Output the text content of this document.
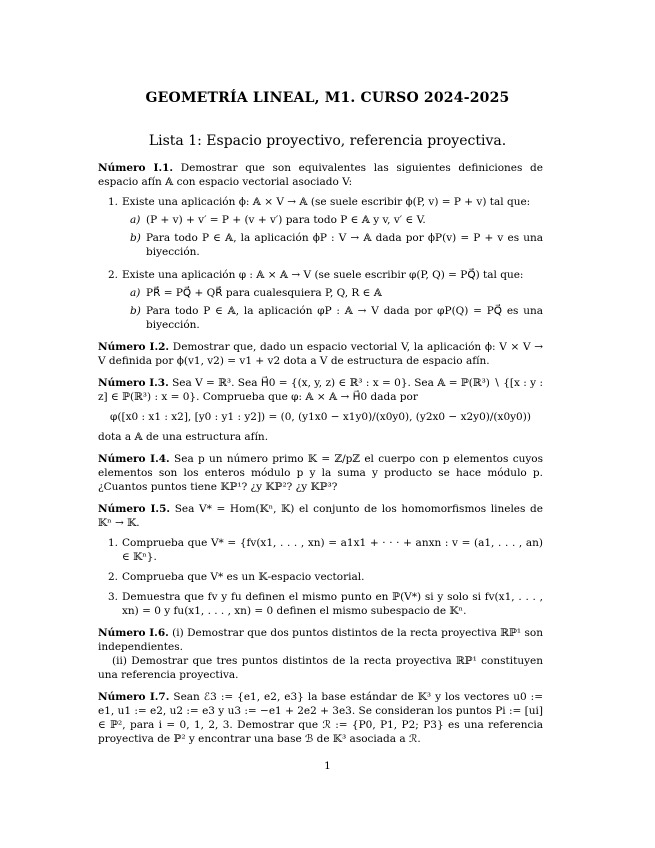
GEOMETRÍA LINEAL, M1. CURSO 2024-2025
Lista 1: Espacio proyectivo, referencia proyectiva.
Número I.1. Demostrar que son equivalentes las siguientes definiciones de espacio afín 𝔸 con espacio vectorial asociado V:
1. Existe una aplicación ϕ: 𝔸 × V → 𝔸 (se suele escribir ϕ(P, v) = P + v) tal que:
a) (P + v) + v′ = P + (v + v′) para todo P ∈ 𝔸 y v, v′ ∈ V.
b) Para todo P ∈ 𝔸, la aplicación ϕP : V → 𝔸 dada por ϕP(v) = P + v es una biyección.
2. Existe una aplicación φ : 𝔸 × 𝔸 → V (se suele escribir φ(P, Q) = PQ⃗) tal que:
a) PR⃗ = PQ⃗ + QR⃗ para cualesquiera P, Q, R ∈ 𝔸
b) Para todo P ∈ 𝔸, la aplicación φP : 𝔸 → V dada por φP(Q) = PQ⃗ es una biyección.
Número I.2. Demostrar que, dado un espacio vectorial V, la aplicación ϕ: V × V → V definida por ϕ(v1, v2) = v1 + v2 dota a V de estructura de espacio afín.
Número I.3. Sea V = ℝ³. Sea H⃗0 = {(x, y, z) ∈ ℝ³ : x = 0}. Sea 𝔸 = ℙ(ℝ³) ∖ {[x : y : z] ∈ ℙ(ℝ³) : x = 0}. Comprueba que φ: 𝔸 × 𝔸 → H⃗0 dada por
φ([x0 : x1 : x2], [y0 : y1 : y2]) = (0, (y1x0 − x1y0)/(x0y0), (y2x0 − x2y0)/(x0y0))
dota a 𝔸 de una estructura afín.
Número I.4. Sea p un número primo 𝕂 = ℤ/pℤ el cuerpo con p elementos cuyos elementos son los enteros módulo p y la suma y producto se hace módulo p. ¿Cuantos puntos tiene 𝕂ℙ¹? ¿y 𝕂ℙ²? ¿y 𝕂ℙ³?
Número I.5. Sea V* = Hom(𝕂ⁿ, 𝕂) el conjunto de los homomorfismos lineles de 𝕂ⁿ → 𝕂.
1. Comprueba que V* = {fv(x1, . . . , xn) = a1x1 + · · · + anxn : v = (a1, . . . , an) ∈ 𝕂ⁿ}.
2. Comprueba que V* es un 𝕂-espacio vectorial.
3. Demuestra que fv y fu definen el mismo punto en ℙ(V*) si y solo si fv(x1, . . . , xn) = 0 y fu(x1, . . . , xn) = 0 definen el mismo subespacio de 𝕂ⁿ.
Número I.6. (i) Demostrar que dos puntos distintos de la recta proyectiva ℝℙ¹ son independientes.
(ii) Demostrar que tres puntos distintos de la recta proyectiva ℝℙ¹ constituyen una referencia proyectiva.
Número I.7. Sean ℰ3 := {e1, e2, e3} la base estándar de 𝕂³ y los vectores u0 := e1, u1 := e2, u2 := e3 y u3 := −e1 + 2e2 + 3e3. Se consideran los puntos Pi := [ui] ∈ ℙ², para i = 0, 1, 2, 3. Demostrar que ℛ := {P0, P1, P2; P3} es una referencia proyectiva de ℙ² y encontrar una base ℬ de 𝕂³ asociada a ℛ.
1
